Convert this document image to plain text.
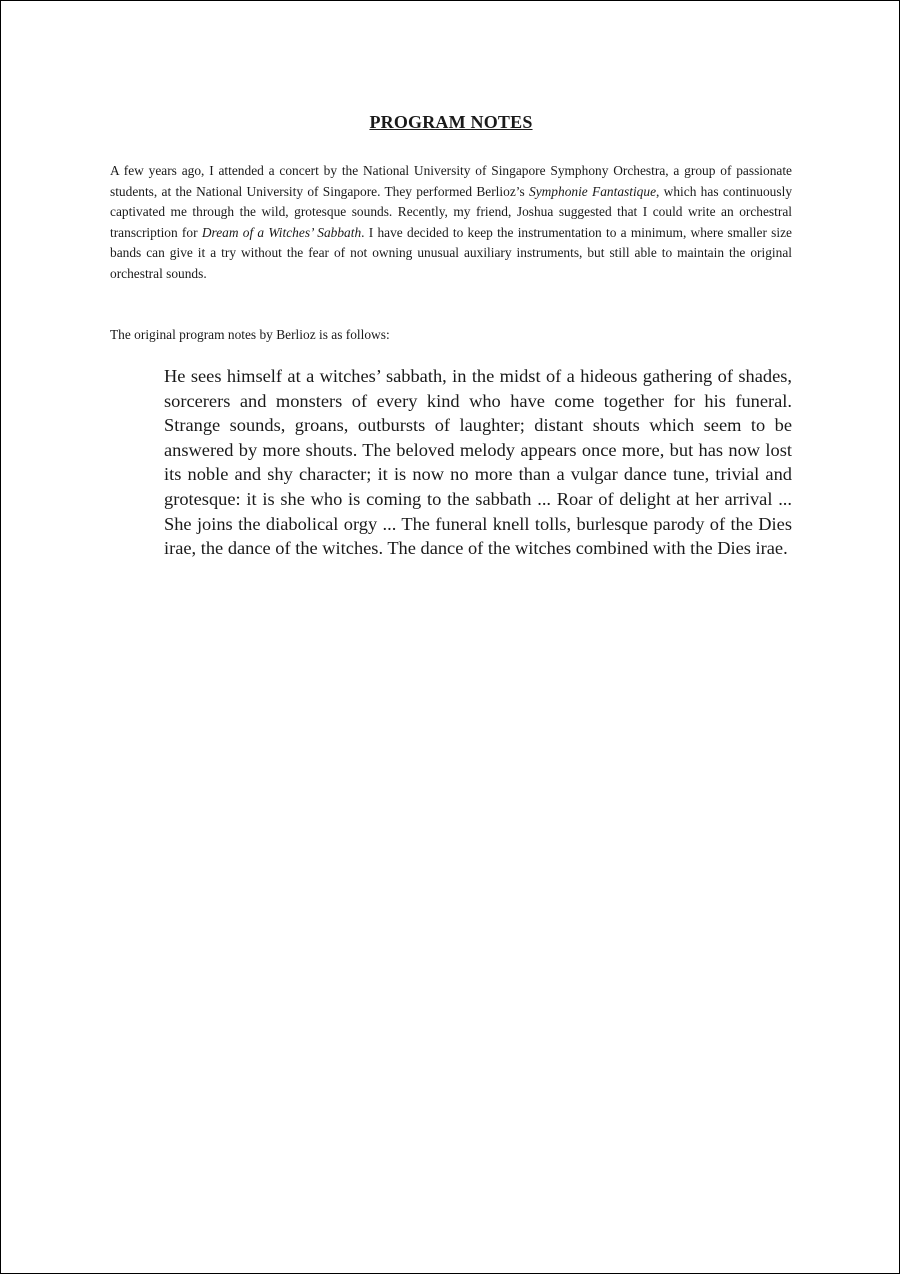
PROGRAM NOTES

A few years ago, I attended a concert by the National University of Singapore Symphony Orchestra, a group of passionate students, at the National University of Singapore. They performed Berlioz’s Symphonie Fantastique, which has continuously captivated me through the wild, grotesque sounds. Recently, my friend, Joshua suggested that I could write an orchestral transcription for Dream of a Witches’ Sabbath. I have decided to keep the instrumentation to a minimum, where smaller size bands can give it a try without the fear of not owning unusual auxiliary instruments, but still able to maintain the original orchestral sounds.

The original program notes by Berlioz is as follows:

He sees himself at a witches’ sabbath, in the midst of a hideous gathering of shades, sorcerers and monsters of every kind who have come together for his funeral. Strange sounds, groans, outbursts of laughter; distant shouts which seem to be answered by more shouts. The beloved melody appears once more, but has now lost its noble and shy character; it is now no more than a vulgar dance tune, trivial and grotesque: it is she who is coming to the sabbath ... Roar of delight at her arrival ... She joins the diabolical orgy ... The funeral knell tolls, burlesque parody of the Dies irae, the dance of the witches. The dance of the witches combined with the Dies irae.
